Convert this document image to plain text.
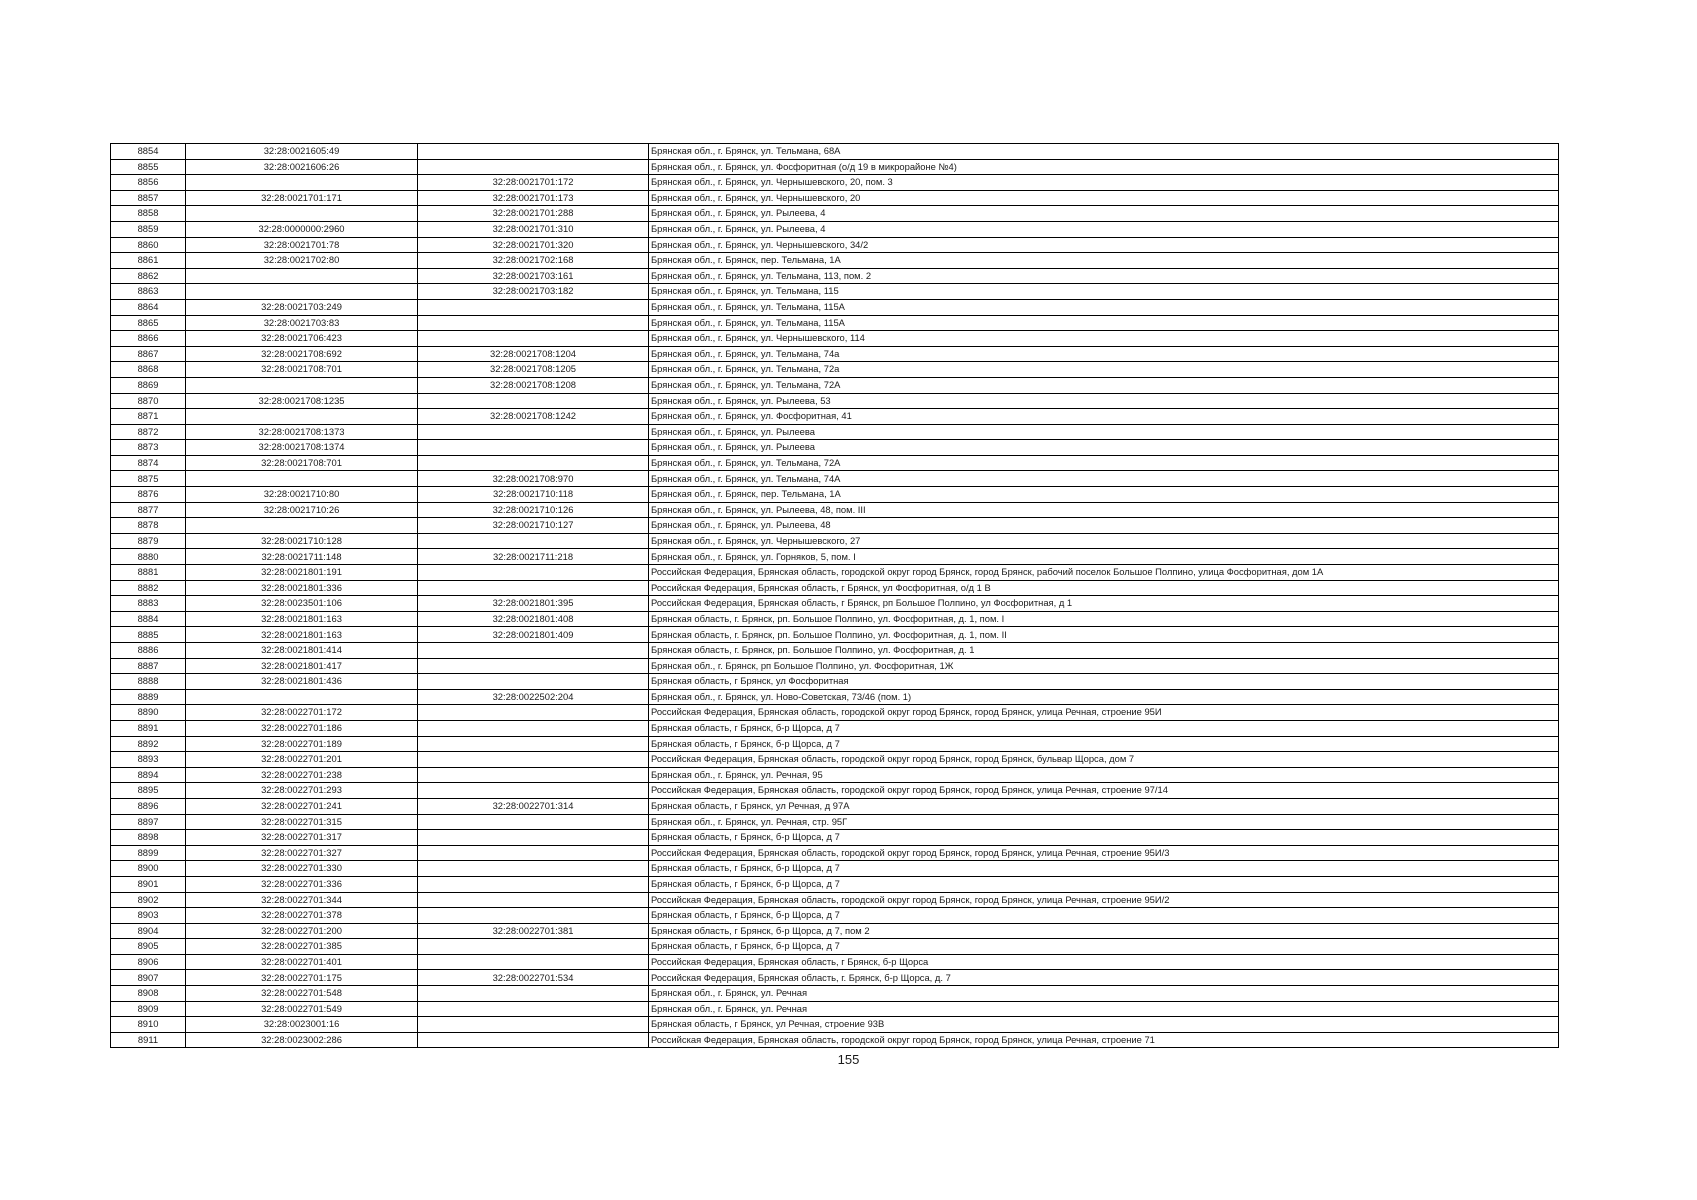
8854	32:28:0021605:49		Брянская обл., г. Брянск, ул. Тельмана, 68А
8855	32:28:0021606:26		Брянская обл., г. Брянск, ул. Фосфоритная (о/д 19 в микрорайоне №4)
8856		32:28:0021701:172	Брянская обл., г. Брянск, ул. Чернышевского, 20, пом. 3
8857	32:28:0021701:171	32:28:0021701:173	Брянская обл., г. Брянск, ул. Чернышевского, 20
8858		32:28:0021701:288	Брянская обл., г. Брянск, ул. Рылеева, 4
8859	32:28:0000000:2960	32:28:0021701:310	Брянская обл., г. Брянск, ул. Рылеева, 4
8860	32:28:0021701:78	32:28:0021701:320	Брянская обл., г. Брянск, ул. Чернышевского, 34/2
8861	32:28:0021702:80	32:28:0021702:168	Брянская обл., г. Брянск, пер. Тельмана, 1А
8862		32:28:0021703:161	Брянская обл., г. Брянск, ул. Тельмана, 113, пом. 2
8863		32:28:0021703:182	Брянская обл., г. Брянск, ул. Тельмана, 115
8864	32:28:0021703:249		Брянская обл., г. Брянск, ул. Тельмана, 115А
8865	32:28:0021703:83		Брянская обл., г. Брянск, ул. Тельмана, 115А
8866	32:28:0021706:423		Брянская обл., г. Брянск, ул. Чернышевского, 114
8867	32:28:0021708:692	32:28:0021708:1204	Брянская обл., г. Брянск, ул. Тельмана, 74а
8868	32:28:0021708:701	32:28:0021708:1205	Брянская обл., г. Брянск, ул. Тельмана, 72а
8869		32:28:0021708:1208	Брянская обл., г. Брянск, ул. Тельмана, 72А
8870	32:28:0021708:1235		Брянская обл., г. Брянск, ул. Рылеева, 53
8871		32:28:0021708:1242	Брянская обл., г. Брянск, ул. Фосфоритная, 41
8872	32:28:0021708:1373		Брянская обл., г. Брянск, ул. Рылеева
8873	32:28:0021708:1374		Брянская обл., г. Брянск, ул. Рылеева
8874	32:28:0021708:701		Брянская обл., г. Брянск, ул. Тельмана, 72А
8875		32:28:0021708:970	Брянская обл., г. Брянск, ул. Тельмана, 74А
8876	32:28:0021710:80	32:28:0021710:118	Брянская обл., г. Брянск, пер. Тельмана, 1А
8877	32:28:0021710:26	32:28:0021710:126	Брянская обл., г. Брянск, ул. Рылеева, 48, пом. III
8878		32:28:0021710:127	Брянская обл., г. Брянск, ул. Рылеева, 48
8879	32:28:0021710:128		Брянская обл., г. Брянск, ул. Чернышевского, 27
8880	32:28:0021711:148	32:28:0021711:218	Брянская обл., г. Брянск, ул. Горняков, 5, пом. I
8881	32:28:0021801:191		Российская Федерация, Брянская область, городской округ город Брянск, город Брянск, рабочий поселок Большое Полпино, улица Фосфоритная, дом 1А
8882	32:28:0021801:336		Российская Федерация, Брянская область, г Брянск, ул Фосфоритная, о/д 1 В
8883	32:28:0023501:106	32:28:0021801:395	Российская Федерация, Брянская область, г Брянск, рп Большое Полпино, ул Фосфоритная, д 1
8884	32:28:0021801:163	32:28:0021801:408	Брянская область, г. Брянск, рп. Большое Полпино, ул. Фосфоритная, д. 1, пом. I
8885	32:28:0021801:163	32:28:0021801:409	Брянская область, г. Брянск, рп. Большое Полпино, ул. Фосфоритная, д. 1, пом. II
8886	32:28:0021801:414		Брянская область, г. Брянск, рп. Большое Полпино, ул. Фосфоритная, д. 1
8887	32:28:0021801:417		Брянская обл., г. Брянск, рп Большое Полпино, ул. Фосфоритная, 1Ж
8888	32:28:0021801:436		Брянская область, г Брянск, ул Фосфоритная
8889		32:28:0022502:204	Брянская обл., г. Брянск, ул. Ново-Советская, 73/46 (пом. 1)
8890	32:28:0022701:172		Российская Федерация, Брянская область, городской округ город Брянск, город Брянск, улица Речная, строение 95И
8891	32:28:0022701:186		Брянская область, г Брянск, б-р Щорса, д 7
8892	32:28:0022701:189		Брянская область, г Брянск, б-р Щорса, д 7
8893	32:28:0022701:201		Российская Федерация, Брянская область, городской округ город Брянск, город Брянск, бульвар Щорса, дом 7
8894	32:28:0022701:238		Брянская обл., г. Брянск, ул. Речная, 95
8895	32:28:0022701:293		Российская Федерация, Брянская область, городской округ город Брянск, город Брянск, улица Речная, строение 97/14
8896	32:28:0022701:241	32:28:0022701:314	Брянская область, г Брянск, ул Речная, д 97А
8897	32:28:0022701:315		Брянская обл., г. Брянск, ул. Речная, стр. 95Г
8898	32:28:0022701:317		Брянская область, г Брянск, б-р Щорса, д 7
8899	32:28:0022701:327		Российская Федерация, Брянская область, городской округ город Брянск, город Брянск, улица Речная, строение 95И/3
8900	32:28:0022701:330		Брянская область, г Брянск, б-р Щорса, д 7
8901	32:28:0022701:336		Брянская область, г Брянск, б-р Щорса, д 7
8902	32:28:0022701:344		Российская Федерация, Брянская область, городской округ город Брянск, город Брянск, улица Речная, строение 95И/2
8903	32:28:0022701:378		Брянская область, г Брянск, б-р Щорса, д 7
8904	32:28:0022701:200	32:28:0022701:381	Брянская область, г Брянск, б-р Щорса, д 7, пом 2
8905	32:28:0022701:385		Брянская область, г Брянск, б-р Щорса, д 7
8906	32:28:0022701:401		Российская Федерация, Брянская область, г Брянск, б-р Щорса
8907	32:28:0022701:175	32:28:0022701:534	Российская Федерация, Брянская область, г. Брянск, б-р Щорса, д. 7
8908	32:28:0022701:548		Брянская обл., г. Брянск, ул. Речная
8909	32:28:0022701:549		Брянская обл., г. Брянск, ул. Речная
8910	32:28:0023001:16		Брянская область, г Брянск, ул Речная, строение 93В
8911	32:28:0023002:286		Российская Федерация, Брянская область, городской округ город Брянск, город Брянск, улица Речная, строение 71
155
